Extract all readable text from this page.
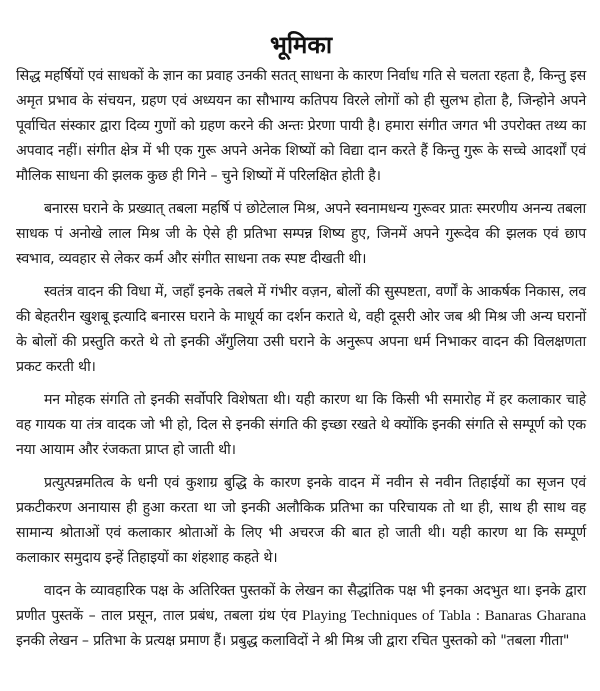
भूमिका

सिद्ध महर्षियों एवं साधकों के ज्ञान का प्रवाह उनकी सतत् साधना के कारण निर्वाध गति से चलता रहता है, किन्तु इस अमृत प्रभाव के संचयन, ग्रहण एवं अध्ययन का सौभाग्य कतिपय विरले लोगों को ही सुलभ होता है, जिन्होने अपने पूर्वाचित संस्कार द्वारा दिव्य गुणों को ग्रहण करने की अन्तः प्रेरणा पायी है। हमारा संगीत जगत भी उपरोक्त तथ्य का अपवाद नहीं। संगीत क्षेत्र में भी एक गुरू अपने अनेक शिष्यों को विद्या दान करते हैं किन्तु गुरू के सच्चे आदर्शों एवं मौलिक साधना की झलक कुछ ही गिने – चुने शिष्यों में परिलक्षित होती है।

बनारस घराने के प्रख्यात् तबला महर्षि पं छोटेलाल मिश्र, अपने स्वनामधन्य गुरूवर प्रातः स्मरणीय अनन्य तबला साधक पं अनोखे लाल मिश्र जी के ऐसे ही प्रतिभा सम्पन्न शिष्य हुए, जिनमें अपने गुरूदेव की झलक एवं छाप स्वभाव, व्यवहार से लेकर कर्म और संगीत साधना तक स्पष्ट दीखती थी।

स्वतंत्र वादन की विधा में, जहाँ इनके तबले में गंभीर वज़न, बोलों की सुस्पष्टता, वर्णों के आकर्षक निकास, लव की बेहतरीन खुशबू इत्यादि बनारस घराने के माधूर्य का दर्शन कराते थे, वही दूसरी ओर जब श्री मिश्र जी अन्य घरानों के बोलों की प्रस्तुति करते थे तो इनकी अँगुलिया उसी घराने के अनुरूप अपना धर्म निभाकर वादन की विलक्षणता प्रकट करती थी।

मन मोहक संगति तो इनकी सर्वोपरि विशेषता थी। यही कारण था कि किसी भी समारोह में हर कलाकार चाहे वह गायक या तंत्र वादक जो भी हो, दिल से इनकी संगति की इच्छा रखते थे क्योंकि इनकी संगति से सम्पूर्ण को एक नया आयाम और रंजकता प्राप्त हो जाती थी।

प्रत्युत्पन्नमतित्व के धनी एवं कुशाग्र बुद्धि के कारण इनके वादन में नवीन से नवीन तिहाईयों का सृजन एवं प्रकटीकरण अनायास ही हुआ करता था जो इनकी अलौकिक प्रतिभा का परिचायक तो था ही, साथ ही साथ वह सामान्य श्रोताओं एवं कलाकार श्रोताओं के लिए भी अचरज की बात हो जाती थी। यही कारण था कि सम्पूर्ण कलाकार समुदाय इन्हें तिहाइयों का शंहशाह कहते थे।

वादन के व्यावहारिक पक्ष के अतिरिक्त पुस्तकों के लेखन का सैद्धांतिक पक्ष भी इनका अदभुत था। इनके द्वारा प्रणीत पुस्तकें – ताल प्रसून, ताल प्रबंध, तबला ग्रंथ एंव Playing Techniques of Tabla : Banaras Gharana इनकी लेखन – प्रतिभा के प्रत्यक्ष प्रमाण हैं। प्रबुद्ध कलाविदों ने श्री मिश्र जी द्वारा रचित पुस्तको को "तबला गीता"
